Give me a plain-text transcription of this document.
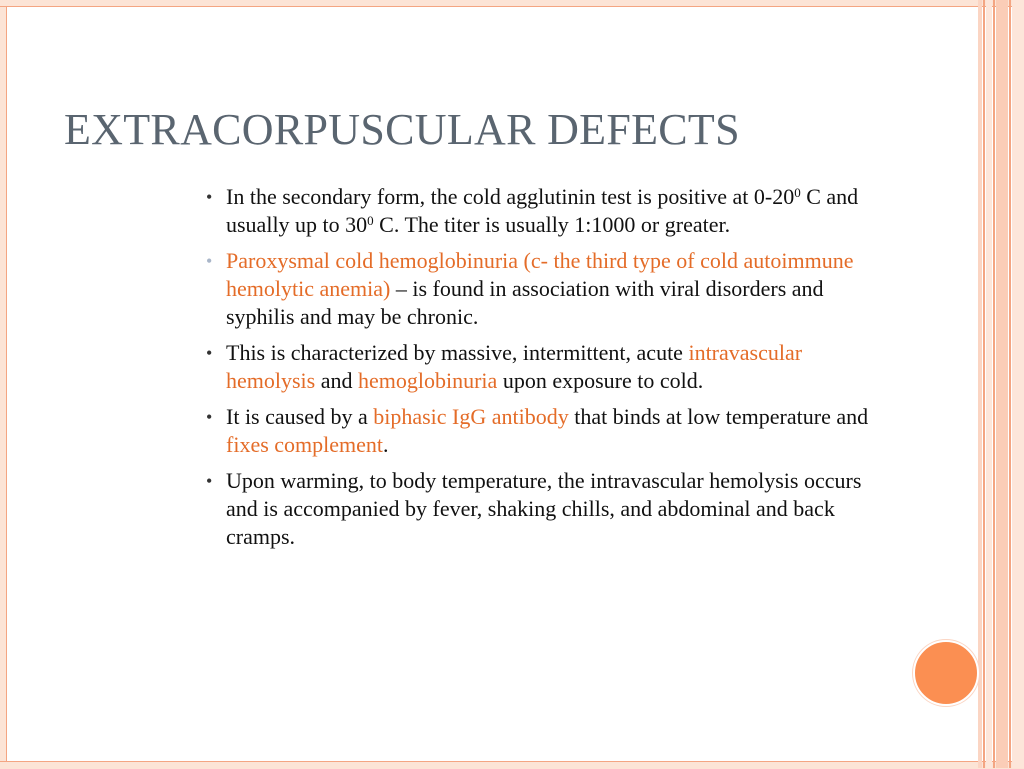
EXTRACORPUSCULAR DEFECTS
• In the secondary form, the cold agglutinin test is positive at $0-20^0$ C and usually up to $30^0$ C. The titer is usually 1:1000 or greater.
• Paroxysmal cold hemoglobinuria (c- the third type of cold autoimmune hemolytic anemia) – is found in association with viral disorders and syphilis and may be chronic.
• This is characterized by massive, intermittent, acute intravascular hemolysis and hemoglobinuria upon exposure to cold.
• It is caused by a biphasic IgG antibody that binds at low temperature and fixes complement.
• Upon warming, to body temperature, the intravascular hemolysis occurs and is accompanied by fever, shaking chills, and abdominal and back cramps.
